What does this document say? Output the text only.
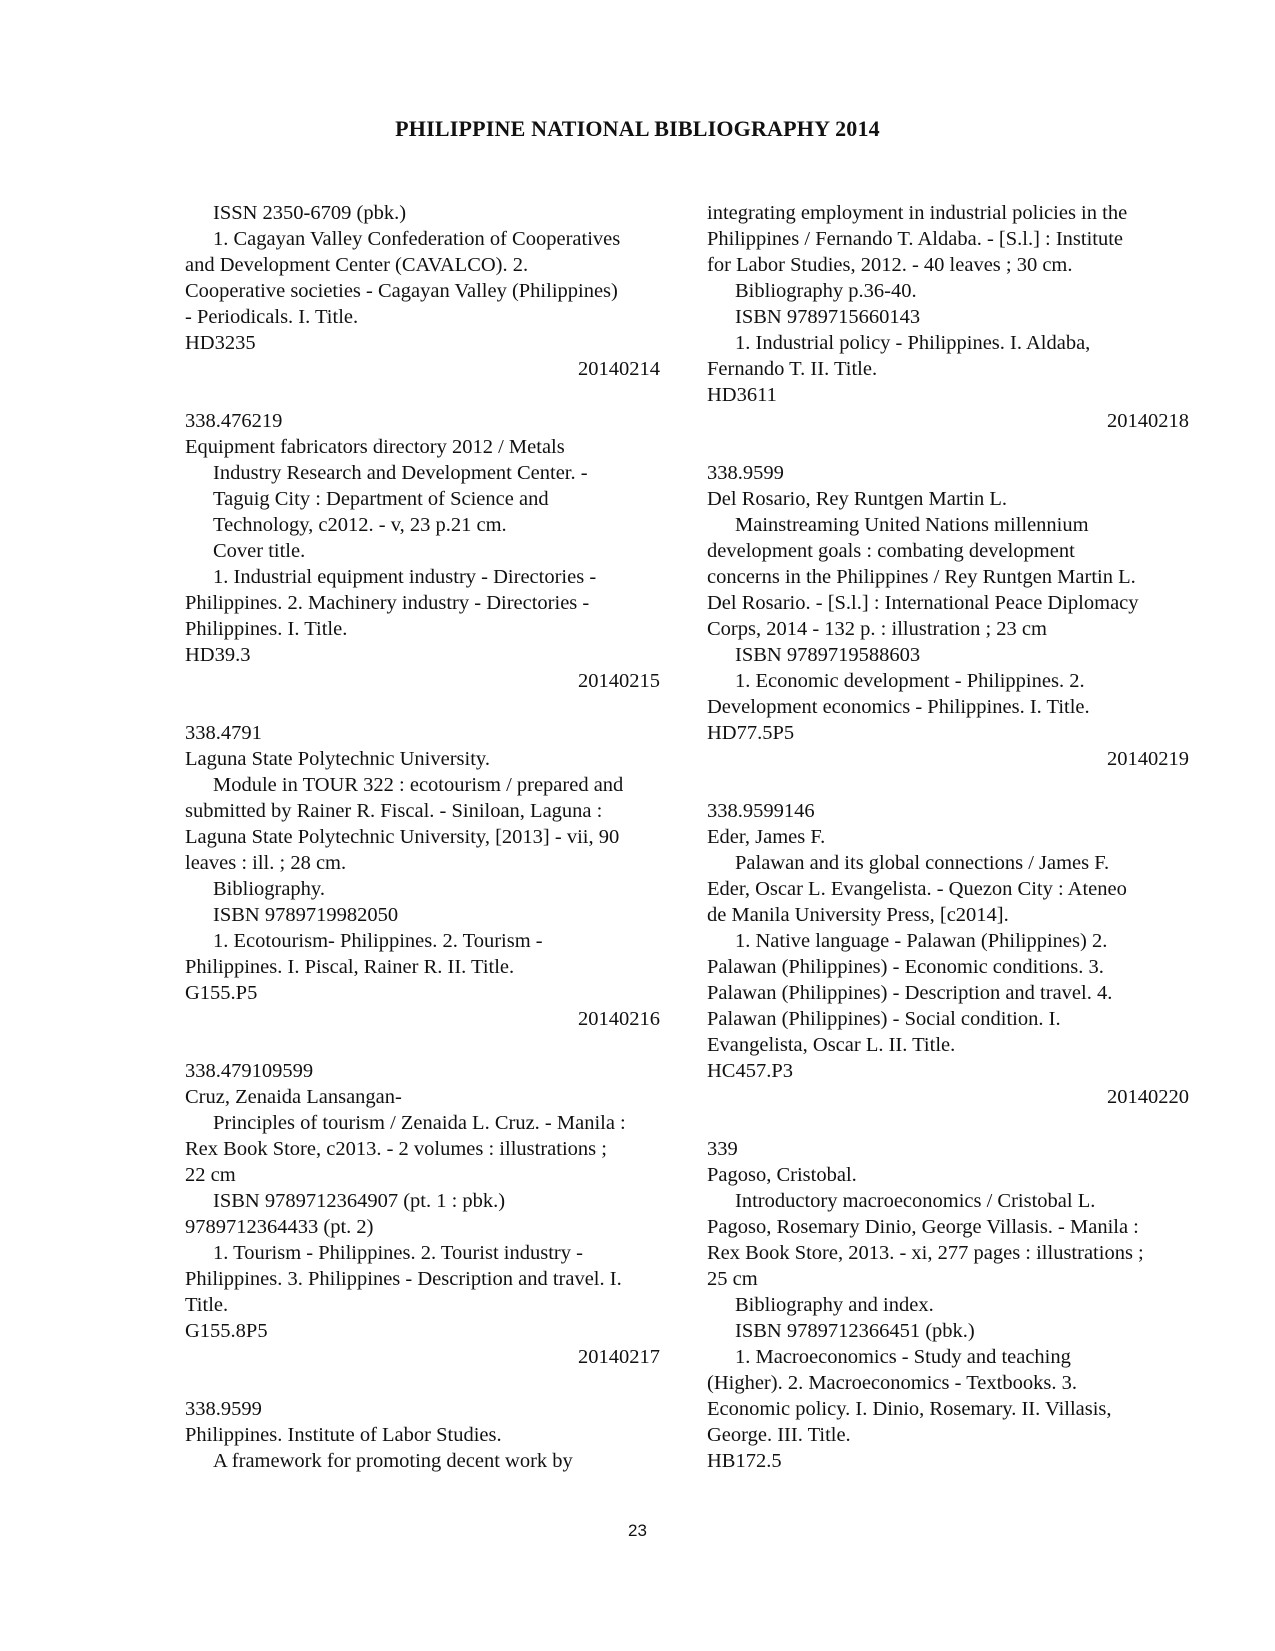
PHILIPPINE NATIONAL BIBLIOGRAPHY 2014
ISSN 2350-6709 (pbk.)
1. Cagayan Valley Confederation of Cooperatives
and Development Center (CAVALCO). 2.
Cooperative societies - Cagayan Valley (Philippines)
- Periodicals. I. Title.
HD3235
20140214
338.476219
Equipment fabricators directory 2012 / Metals
Industry Research and Development Center. -
Taguig City : Department of Science and
Technology, c2012. - v, 23 p.21 cm.
Cover title.
1. Industrial equipment industry - Directories -
Philippines. 2. Machinery industry - Directories -
Philippines. I. Title.
HD39.3
20140215
338.4791
Laguna State Polytechnic University.
Module in TOUR 322 : ecotourism / prepared and
submitted by Rainer R. Fiscal. - Siniloan, Laguna :
Laguna State Polytechnic University, [2013] - vii, 90
leaves : ill. ; 28 cm.
Bibliography.
ISBN 9789719982050
1. Ecotourism- Philippines. 2. Tourism -
Philippines. I. Piscal, Rainer R. II. Title.
G155.P5
20140216
338.479109599
Cruz, Zenaida Lansangan-
Principles of tourism / Zenaida L. Cruz. - Manila :
Rex Book Store, c2013. - 2 volumes : illustrations ;
22 cm
ISBN 9789712364907 (pt. 1 : pbk.)
9789712364433 (pt. 2)
1. Tourism - Philippines. 2. Tourist industry -
Philippines. 3. Philippines - Description and travel. I.
Title.
G155.8P5
20140217
338.9599
Philippines. Institute of Labor Studies.
A framework for promoting decent work by
integrating employment in industrial policies in the
Philippines / Fernando T. Aldaba. - [S.l.] : Institute
for Labor Studies, 2012. - 40 leaves ; 30 cm.
Bibliography p.36-40.
ISBN 9789715660143
1. Industrial policy - Philippines. I. Aldaba,
Fernando T. II. Title.
HD3611
20140218
338.9599
Del Rosario, Rey Runtgen Martin L.
Mainstreaming United Nations millennium
development goals : combating development
concerns in the Philippines / Rey Runtgen Martin L.
Del Rosario. - [S.l.] : International Peace Diplomacy
Corps, 2014 - 132 p. : illustration ; 23 cm
ISBN 9789719588603
1. Economic development - Philippines. 2.
Development economics - Philippines. I. Title.
HD77.5P5
20140219
338.9599146
Eder, James F.
Palawan and its global connections / James F.
Eder, Oscar L. Evangelista. - Quezon City : Ateneo
de Manila University Press, [c2014].
1. Native language - Palawan (Philippines) 2.
Palawan (Philippines) - Economic conditions. 3.
Palawan (Philippines) - Description and travel. 4.
Palawan (Philippines) - Social condition. I.
Evangelista, Oscar L. II. Title.
HC457.P3
20140220
339
Pagoso, Cristobal.
Introductory macroeconomics / Cristobal L.
Pagoso, Rosemary Dinio, George Villasis. - Manila :
Rex Book Store, 2013. - xi, 277 pages : illustrations ;
25 cm
Bibliography and index.
ISBN 9789712366451 (pbk.)
1. Macroeconomics - Study and teaching
(Higher). 2. Macroeconomics - Textbooks. 3.
Economic policy. I. Dinio, Rosemary. II. Villasis,
George. III. Title.
HB172.5
23
